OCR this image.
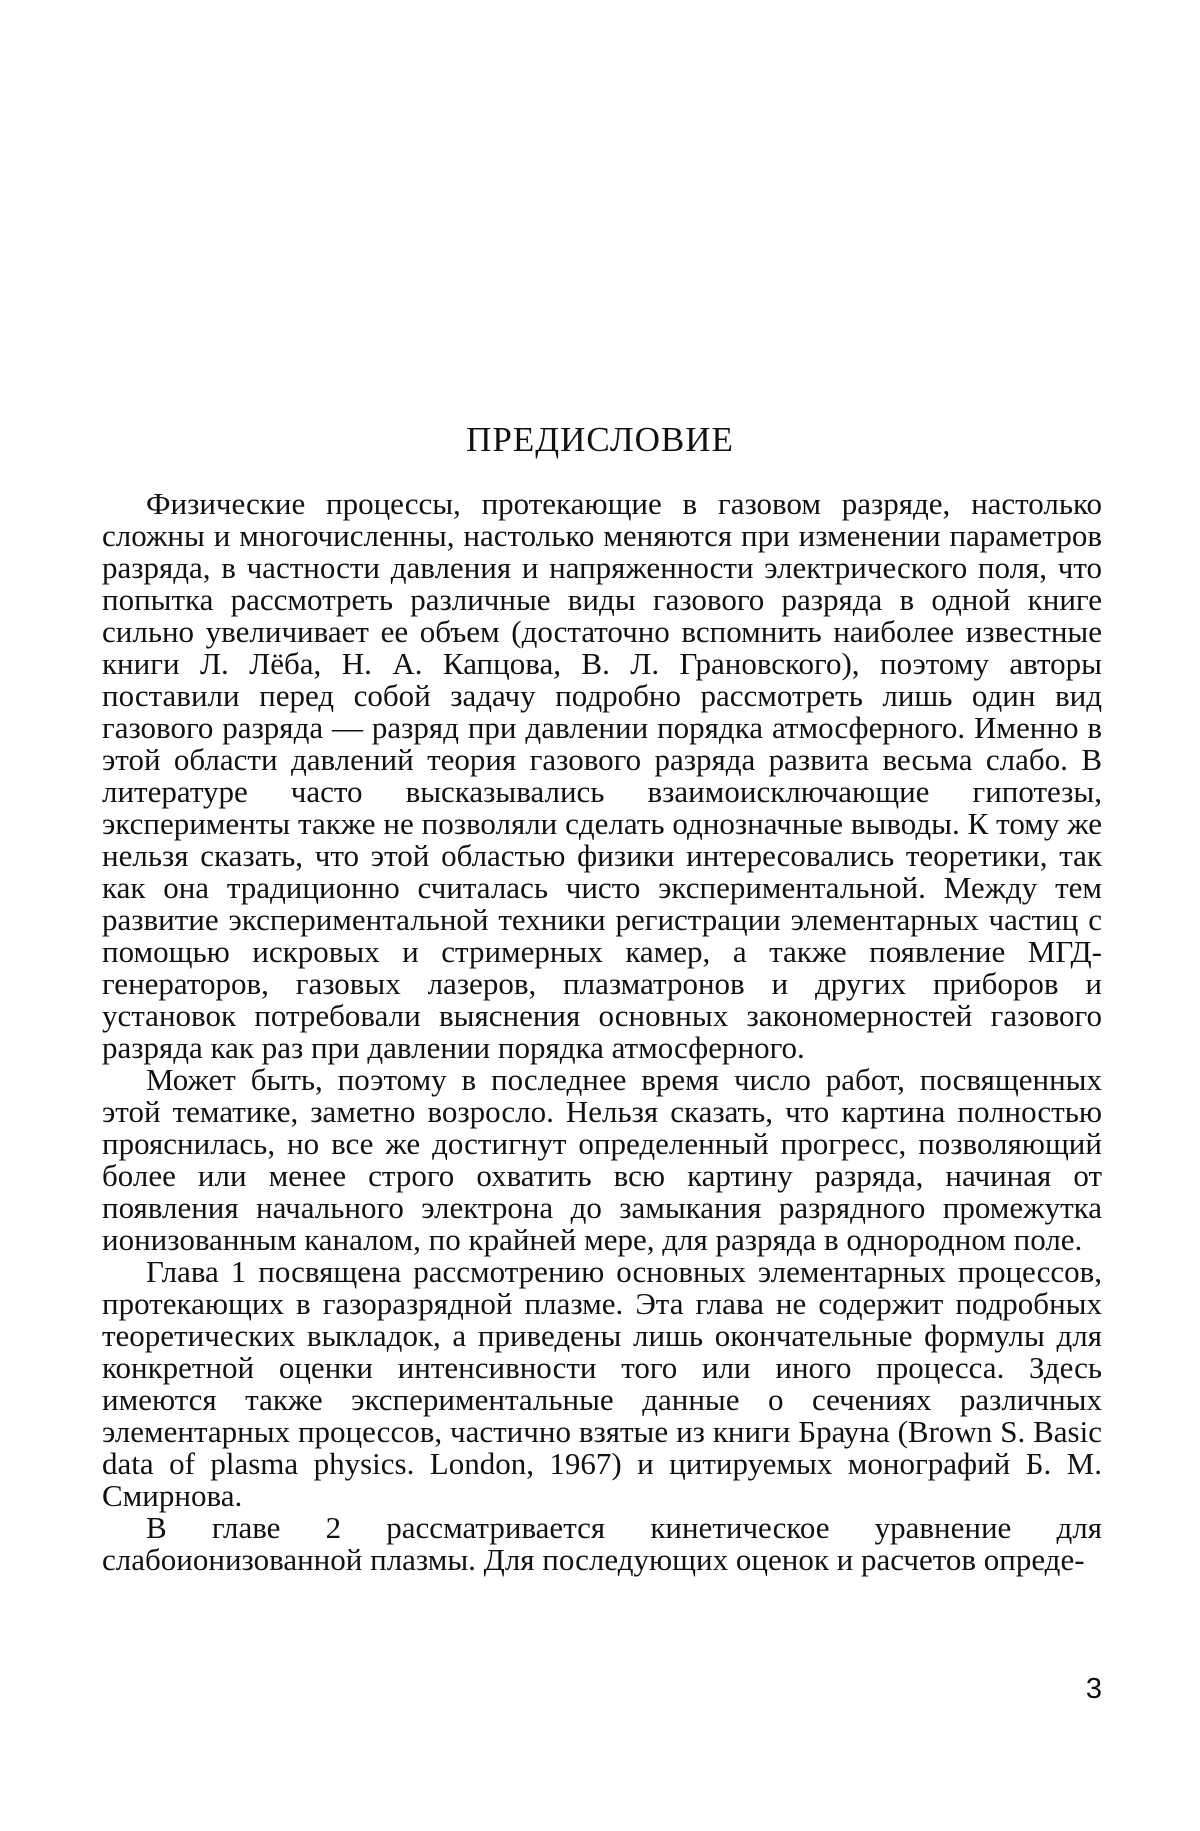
ПРЕДИСЛОВИЕ

Физические процессы, протекающие в газовом разряде, настолько сложны и многочисленны, настолько меняются при изменении параметров разряда, в частности давления и напряженности электрического поля, что попытка рассмотреть различные виды газового разряда в одной книге сильно увеличивает ее объем (достаточно вспомнить наиболее известные книги Л. Лёба, Н. А. Капцова, В. Л. Грановского), поэтому авторы поставили перед собой задачу подробно рассмотреть лишь один вид газового разряда — разряд при давлении порядка атмосферного. Именно в этой области давлений теория газового разряда развита весьма слабо. В литературе часто высказывались взаимоисключающие гипотезы, эксперименты также не позволяли сделать однозначные выводы. К тому же нельзя сказать, что этой областью физики интересовались теоретики, так как она традиционно считалась чисто экспериментальной. Между тем развитие экспериментальной техники регистрации элементарных частиц с помощью искровых и стримерных камер, а также появление МГД-генераторов, газовых лазеров, плазматронов и других приборов и установок потребовали выяснения основных закономерностей газового разряда как раз при давлении порядка атмосферного.

Может быть, поэтому в последнее время число работ, посвященных этой тематике, заметно возросло. Нельзя сказать, что картина полностью прояснилась, но все же достигнут определенный прогресс, позволяющий более или менее строго охватить всю картину разряда, начиная от появления начального электрона до замыкания разрядного промежутка ионизованным каналом, по крайней мере, для разряда в однородном поле.

Глава 1 посвящена рассмотрению основных элементарных процессов, протекающих в газоразрядной плазме. Эта глава не содержит подробных теоретических выкладок, а приведены лишь окончательные формулы для конкретной оценки интенсивности того или иного процесса. Здесь имеются также экспериментальные данные о сечениях различных элементарных процессов, частично взятые из книги Брауна (Brown S. Basic data of plasma physics. London, 1967) и цитируемых монографий Б. М. Смирнова.

В главе 2 рассматривается кинетическое уравнение для слабоионизованной плазмы. Для последующих оценок и расчетов опреде-

3
